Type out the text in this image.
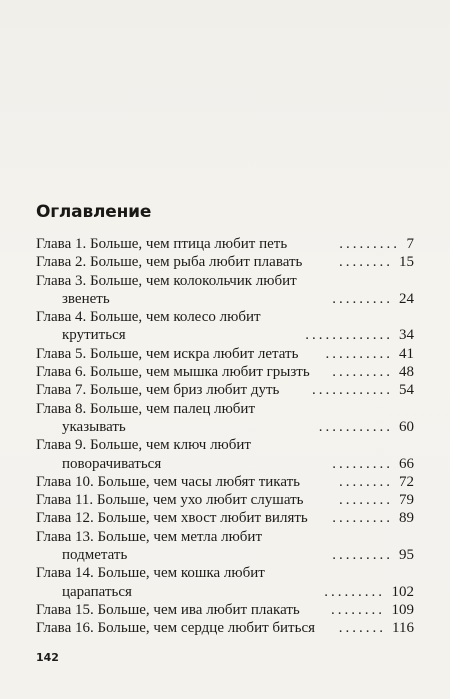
Оглавление
Глава 1. Больше, чем птица любит петь	......... 7
Глава 2. Больше, чем рыба любит плавать ........ 15
Глава 3. Больше, чем колокольчик любит
звенеть	......... 24
Глава 4. Больше, чем колесо любит
крутиться	............. 34
Глава 5. Больше, чем искра любит летать .......... 41
Глава 6. Больше, чем мышка любит грызть ......... 48
Глава 7. Больше, чем бриз любит дуть ............ 54
Глава 8. Больше, чем палец любит
указывать	........... 60
Глава 9. Больше, чем ключ любит
поворачиваться	......... 66
Глава 10. Больше, чем часы любят тикать	........ 72
Глава 11. Больше, чем ухо любит слушать ........ 79
Глава 12. Больше, чем хвост любит вилять ......... 89
Глава 13. Больше, чем метла любит
подметать	......... 95
Глава 14. Больше, чем кошка любит
царапаться	......... 102
Глава 15. Больше, чем ива любит плакать ........ 109
Глава 16. Больше, чем сердце любит биться ....... 116
142
